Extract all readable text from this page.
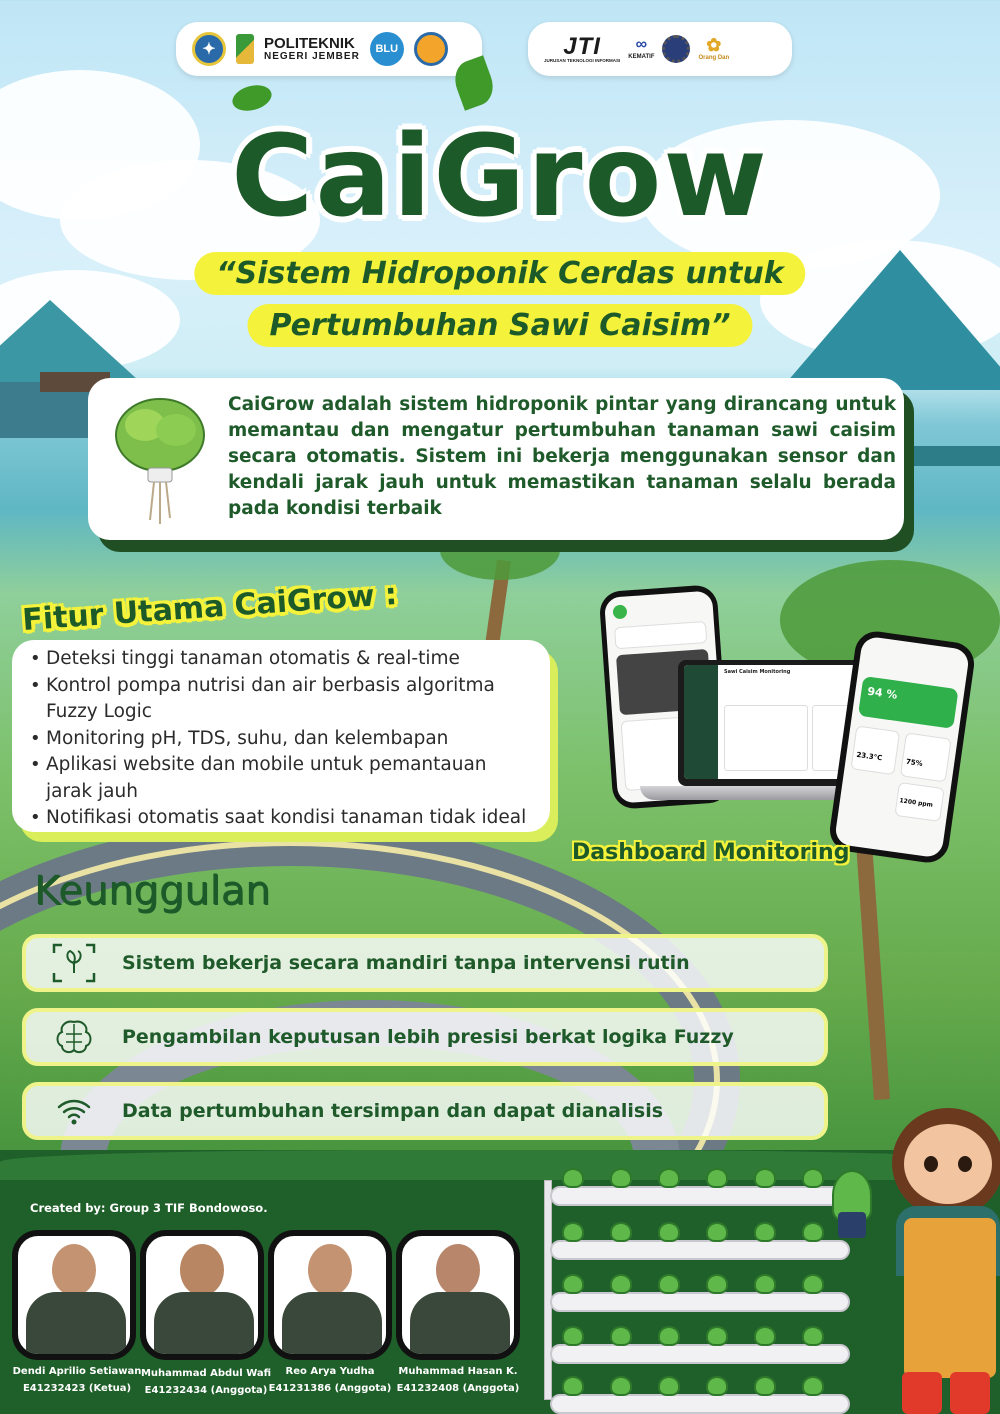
✦	POLITEKNIK
NEGERI JEMBER
BLU	JTI
JURUSAN TEKNOLOGI INFORMASI
∞
KEMATIF
✿
Orang Dan
CaiGrow
“Sistem Hidroponik Cerdas untuk
Pertumbuhan Sawi Caisim”
CaiGrow adalah sistem hidroponik pintar yang dirancang untuk memantau dan mengatur pertumbuhan tanaman sawi caisim secara otomatis. Sistem ini bekerja menggunakan sensor dan kendali jarak jauh untuk memastikan tanaman selalu berada pada kondisi terbaik
Fitur Utama CaiGrow :
• Deteksi tinggi tanaman otomatis & real-time
• Kontrol pompa nutrisi dan air berbasis algoritma Fuzzy Logic
• Monitoring pH, TDS, suhu, dan kelembapan
• Aplikasi website dan mobile untuk pemantauan jarak jauh
• Notifikasi otomatis saat kondisi tanaman tidak ideal
Sawi Caisim Monitoring
94 %
23.3°C
75%
1200 ppm
Dashboard Monitoring
Keunggulan
Sistem bekerja secara mandiri tanpa intervensi rutin
Pengambilan keputusan lebih presisi berkat logika Fuzzy
Data pertumbuhan tersimpan dan dapat dianalisis
Created by: Group 3 TIF Bondowoso.
Dendi Aprilio Setiawan
E41232423 (Ketua)
Muhammad Abdul Wafi
E41232434 (Anggota)
Reo Arya Yudha
E41231386 (Anggota)
Muhammad Hasan K.
E41232408 (Anggota)
